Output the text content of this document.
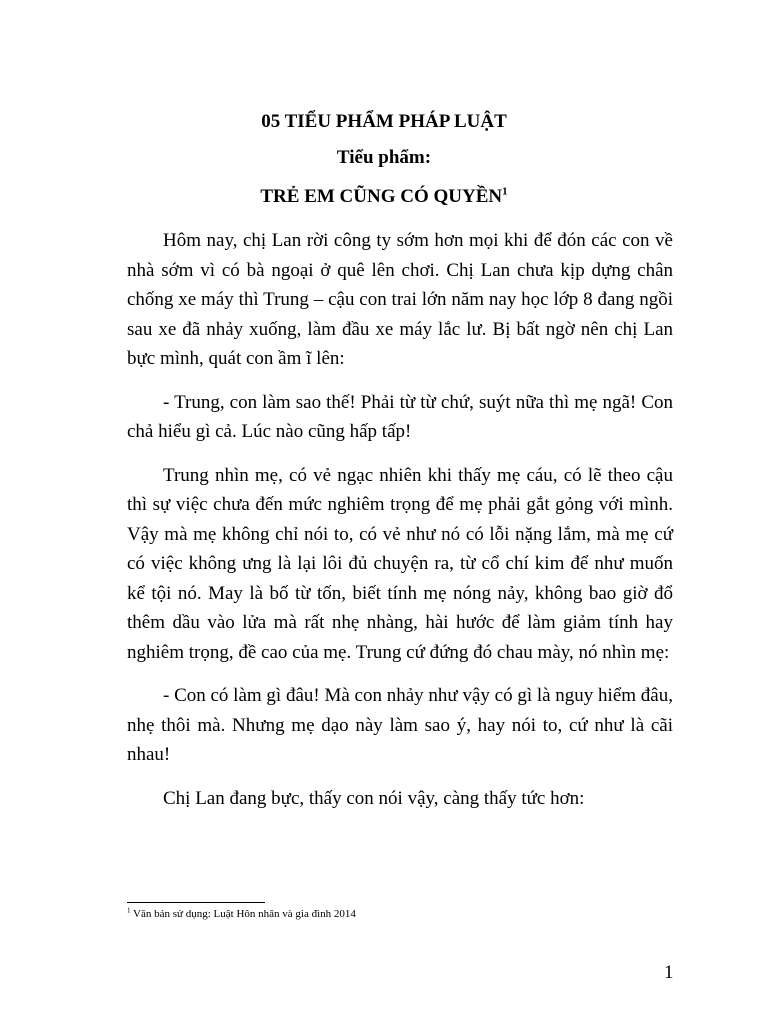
05 TIỂU PHẨM PHÁP LUẬT

Tiểu phẩm:

TRẺ EM CŨNG CÓ QUYỀN$^1$

Hôm nay, chị Lan rời công ty sớm hơn mọi khi để đón các con về nhà sớm vì có bà ngoại ở quê lên chơi. Chị Lan chưa kịp dựng chân chống xe máy thì Trung – cậu con trai lớn năm nay học lớp 8 đang ngồi sau xe đã nhảy xuống, làm đầu xe máy lắc lư. Bị bất ngờ nên chị Lan bực mình, quát con ầm ĩ lên:

- Trung, con làm sao thế! Phải từ từ chứ, suýt nữa thì mẹ ngã! Con chả hiểu gì cả. Lúc nào cũng hấp tấp!

Trung nhìn mẹ, có vẻ ngạc nhiên khi thấy mẹ cáu, có lẽ theo cậu thì sự việc chưa đến mức nghiêm trọng để mẹ phải gắt gỏng với mình. Vậy mà mẹ không chỉ nói to, có vẻ như nó có lỗi nặng lắm, mà mẹ cứ có việc không ưng là lại lôi đủ chuyện ra, từ cổ chí kim để như muốn kể tội nó. May là bố từ tốn, biết tính mẹ nóng nảy, không bao giờ đổ thêm dầu vào lửa mà rất nhẹ nhàng, hài hước để làm giảm tính hay nghiêm trọng, đề cao của mẹ. Trung cứ đứng đó chau mày, nó nhìn mẹ:

- Con có làm gì đâu! Mà con nhảy như vậy có gì là nguy hiểm đâu, nhẹ thôi mà. Nhưng mẹ dạo này làm sao ý, hay nói to, cứ như là cãi nhau!

Chị Lan đang bực, thấy con nói vậy, càng thấy tức hơn:

$^1$ Văn bản sử dụng: Luật Hôn nhân và gia đình 2014

1
